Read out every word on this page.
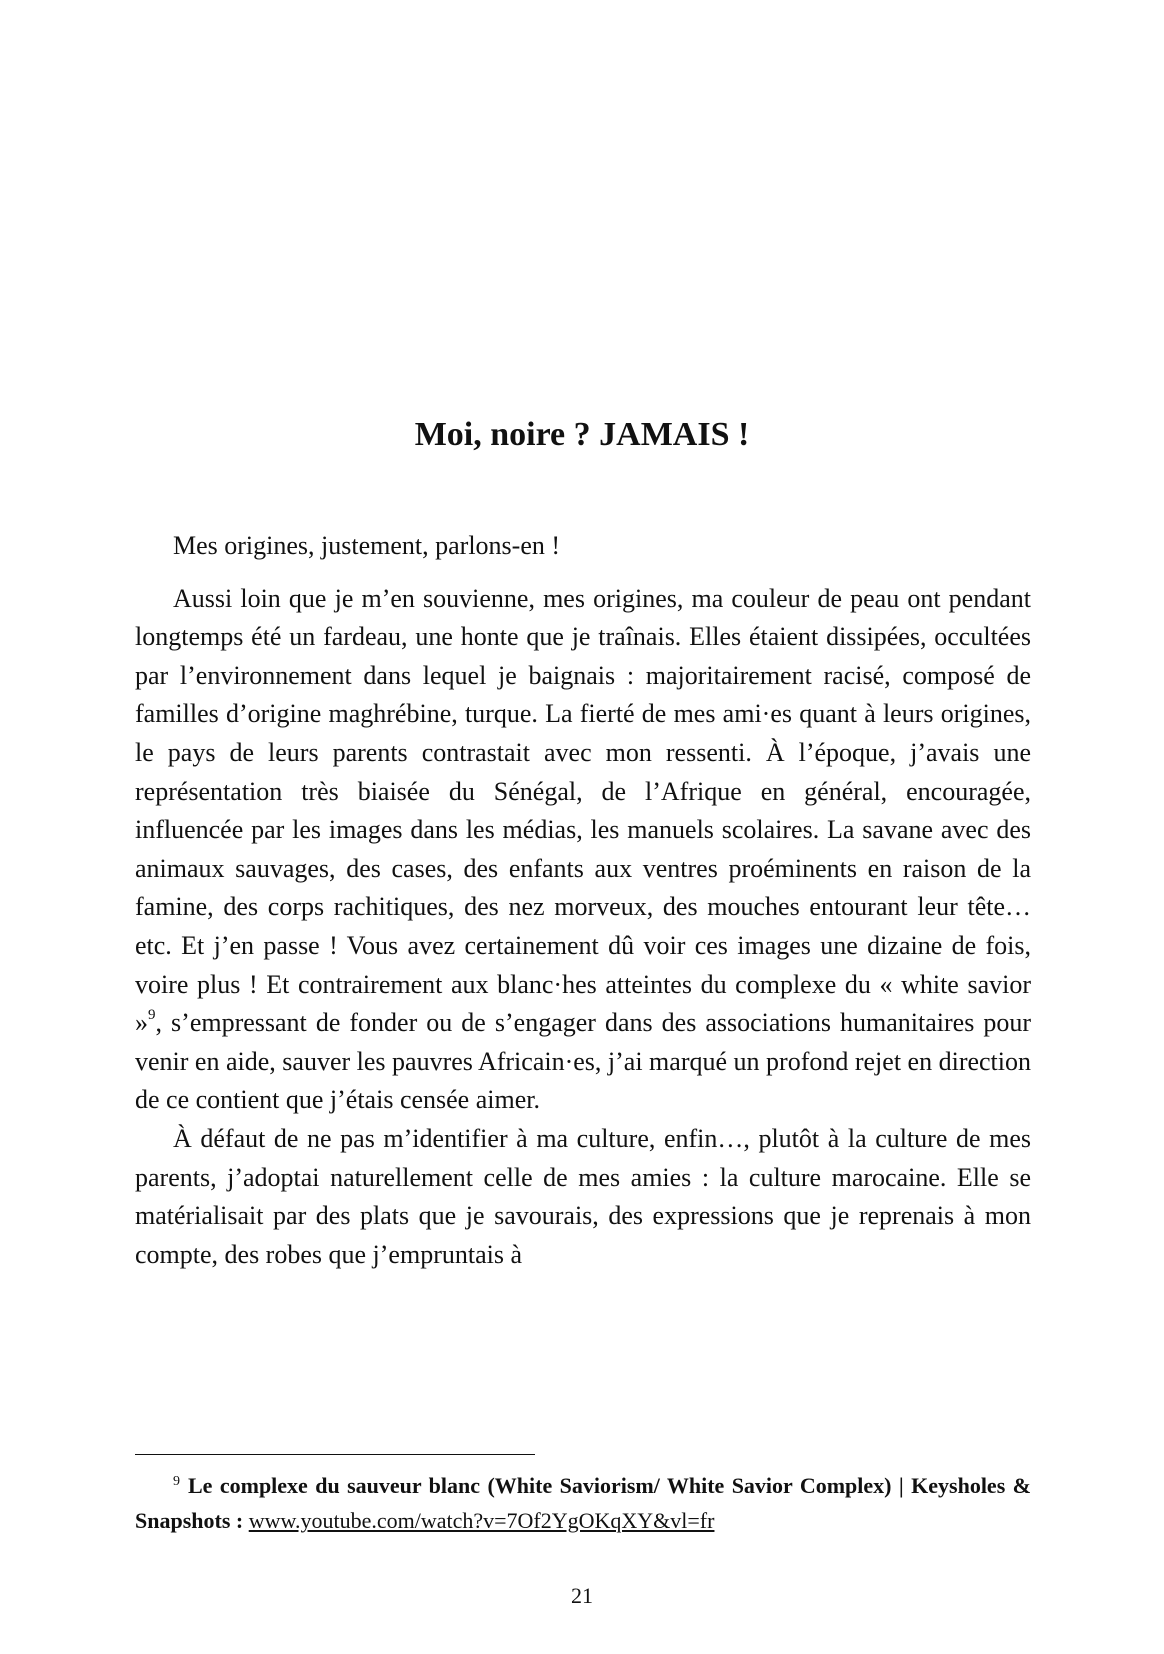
Moi, noire ? JAMAIS !

Mes origines, justement, parlons-en !

Aussi loin que je m’en souvienne, mes origines, ma couleur de peau ont pendant longtemps été un fardeau, une honte que je traînais. Elles étaient dissipées, occultées par l’environnement dans lequel je baignais : majoritairement racisé, composé de familles d’origine maghrébine, turque. La fierté de mes ami·es quant à leurs origines, le pays de leurs parents contrastait avec mon ressenti. À l’époque, j’avais une représentation très biaisée du Sénégal, de l’Afrique en général, encouragée, influencée par les images dans les médias, les manuels scolaires. La savane avec des animaux sauvages, des cases, des enfants aux ventres proéminents en raison de la famine, des corps rachitiques, des nez morveux, des mouches entourant leur tête… etc. Et j’en passe ! Vous avez certainement dû voir ces images une dizaine de fois, voire plus ! Et contrairement aux blanc·hes atteintes du complexe du « white savior »$^9$, s’empressant de fonder ou de s’engager dans des associations humanitaires pour venir en aide, sauver les pauvres Africain·es, j’ai marqué un profond rejet en direction de ce contient que j’étais censée aimer.

À défaut de ne pas m’identifier à ma culture, enfin…, plutôt à la culture de mes parents, j’adoptai naturellement celle de mes amies : la culture marocaine. Elle se matérialisait par des plats que je savourais, des expressions que je reprenais à mon compte, des robes que j’empruntais à

$^9$ Le complexe du sauveur blanc (White Saviorism/ White Savior Complex) | Keysholes & Snapshots : www.youtube.com/watch?v=7Of2YgOKqXY&vl=fr
21
